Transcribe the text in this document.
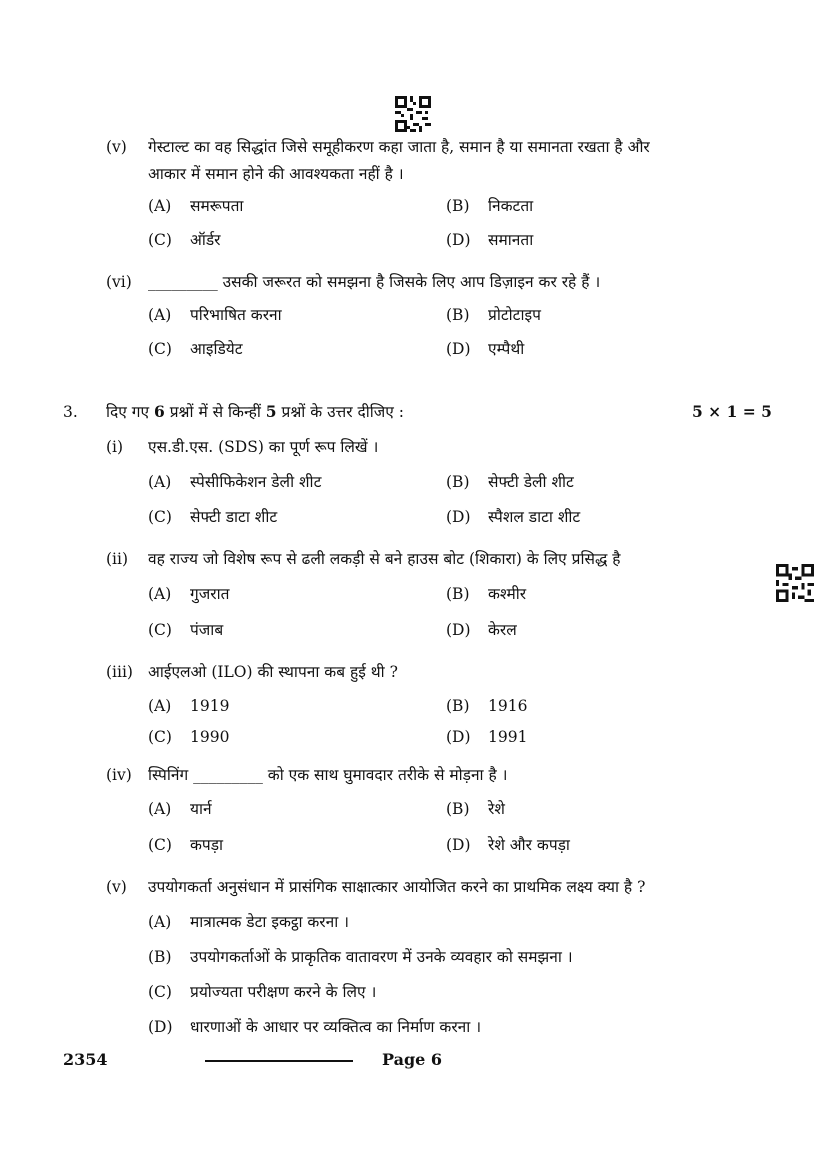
(v) गेस्टाल्ट का वह सिद्धांत जिसे समूहीकरण कहा जाता है, समान है या समानता रखता है और
आकार में समान होने की आवश्यकता नहीं है ।
(A) समरूपता	(B) निकटता
(C) ऑर्डर	(D) समानता
(vi) _________ उसकी जरूरत को समझना है जिसके लिए आप डिज़ाइन कर रहे हैं ।
(A) परिभाषित करना	(B) प्रोटोटाइप
(C) आइडियेट	(D) एम्पैथी
3. दिए गए 6 प्रश्नों में से किन्हीं 5 प्रश्नों के उत्तर दीजिए :	5 × 1 = 5
(i) एस.डी.एस. (SDS) का पूर्ण रूप लिखें ।
(A) स्पेसीफिकेशन डेली शीट	(B) सेफ्टी डेली शीट
(C) सेफ्टी डाटा शीट	(D) स्पैशल डाटा शीट
(ii) वह राज्य जो विशेष रूप से ढली लकड़ी से बने हाउस बोट (शिकारा) के लिए प्रसिद्ध है
(A) गुजरात	(B) कश्मीर
(C) पंजाब	(D) केरल
(iii) आईएलओ (ILO) की स्थापना कब हुई थी ?
(A) 1919	(B) 1916
(C) 1990	(D) 1991
(iv) स्पिनिंग _________ को एक साथ घुमावदार तरीके से मोड़ना है ।
(A) यार्न	(B) रेशे
(C) कपड़ा	(D) रेशे और कपड़ा
(v) उपयोगकर्ता अनुसंधान में प्रासंगिक साक्षात्कार आयोजित करने का प्राथमिक लक्ष्य क्या है ?
(A) मात्रात्मक डेटा इकट्ठा करना ।
(B) उपयोगकर्ताओं के प्राकृतिक वातावरण में उनके व्यवहार को समझना ।
(C) प्रयोज्यता परीक्षण करने के लिए ।
(D) धारणाओं के आधार पर व्यक्तित्व का निर्माण करना ।
2354	Page 6
